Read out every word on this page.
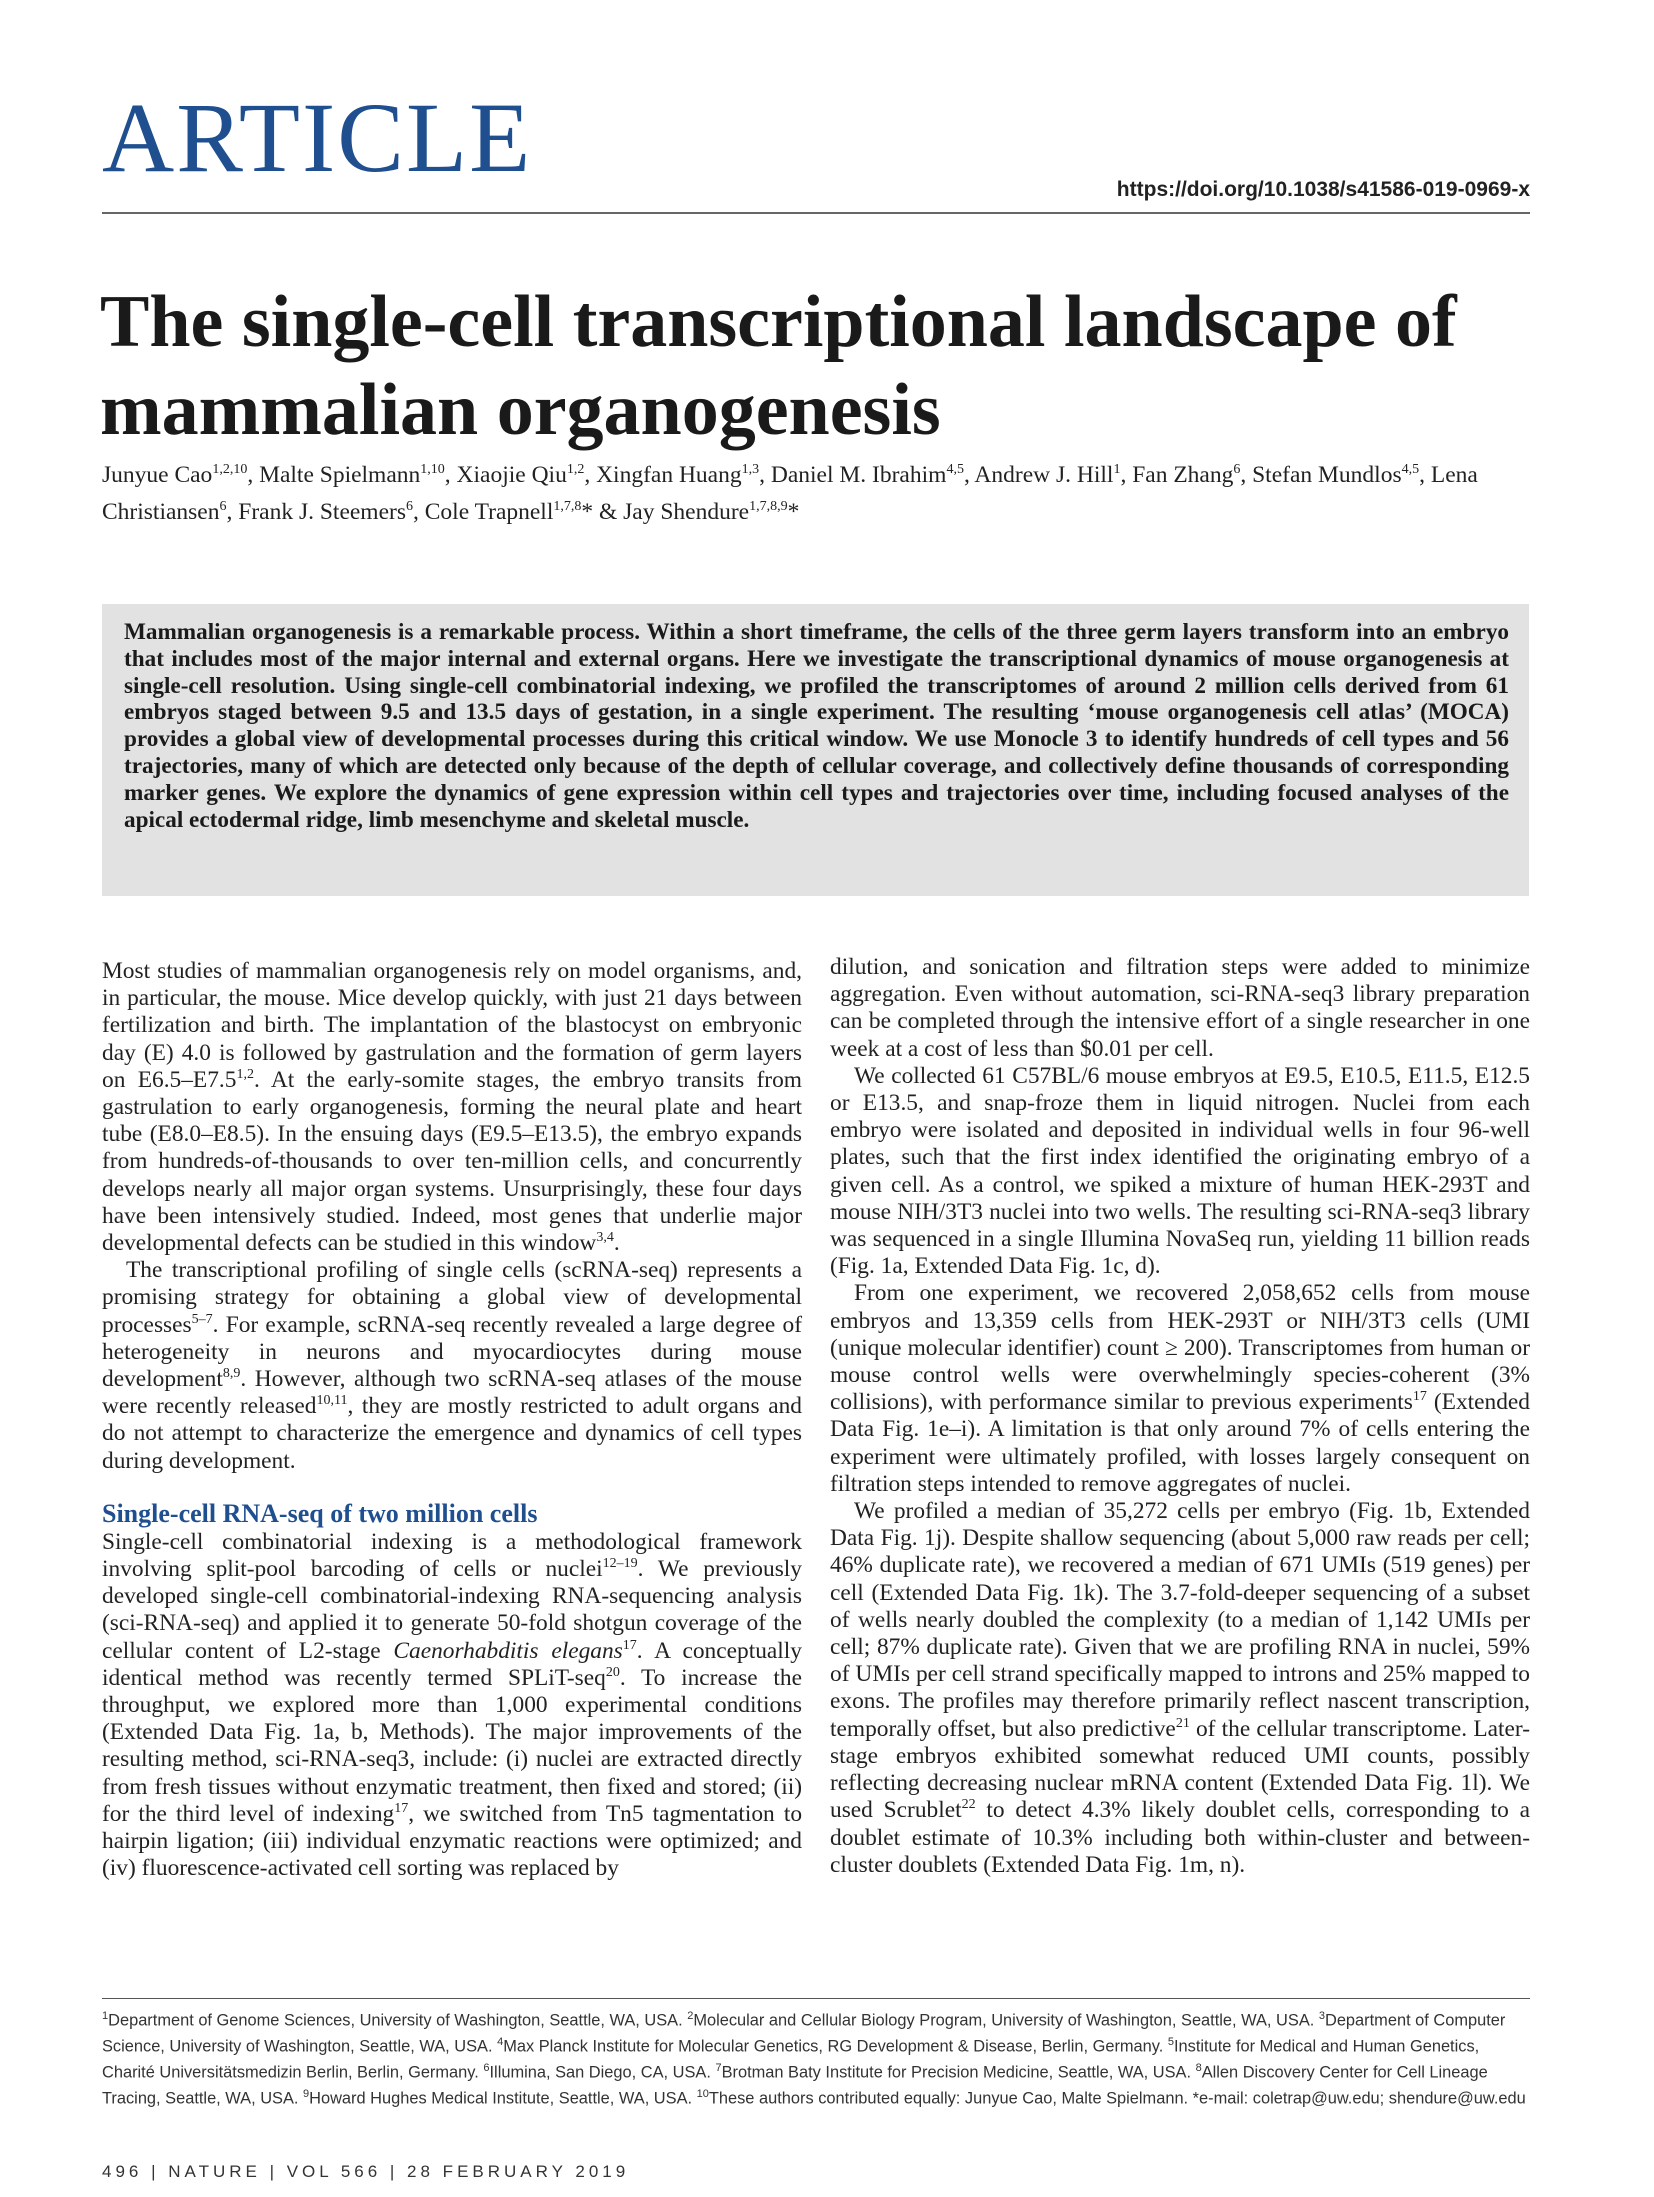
ARTICLE	https://doi.org/10.1038/s41586-019-0969-x
The single-cell transcriptional landscape of mammalian organogenesis
Junyue Cao$^{1,2,10}$, Malte Spielmann$^{1,10}$, Xiaojie Qiu$^{1,2}$, Xingfan Huang$^{1,3}$, Daniel M. Ibrahim$^{4,5}$, Andrew J. Hill$^1$, Fan Zhang$^6$, Stefan Mundlos$^{4,5}$, Lena Christiansen$^6$, Frank J. Steemers$^6$, Cole Trapnell$^{1,7,8}$* & Jay Shendure$^{1,7,8,9}$*

Mammalian organogenesis is a remarkable process. Within a short timeframe, the cells of the three germ layers transform into an embryo that includes most of the major internal and external organs. Here we investigate the transcriptional dynamics of mouse organogenesis at single-cell resolution. Using single-cell combinatorial indexing, we profiled the transcriptomes of around 2 million cells derived from 61 embryos staged between 9.5 and 13.5 days of gestation, in a single experiment. The resulting ‘mouse organogenesis cell atlas’ (MOCA) provides a global view of developmental processes during this critical window. We use Monocle 3 to identify hundreds of cell types and 56 trajectories, many of which are detected only because of the depth of cellular coverage, and collectively define thousands of corresponding marker genes. We explore the dynamics of gene expression within cell types and trajectories over time, including focused analyses of the apical ectodermal ridge, limb mesenchyme and skeletal muscle.

Most studies of mammalian organogenesis rely on model organisms, and, in particular, the mouse. Mice develop quickly, with just 21 days between fertilization and birth. The implantation of the blastocyst on embryonic day (E) 4.0 is followed by gastrulation and the formation of germ layers on E6.5–E7.5$^{1,2}$. At the early-somite stages, the embryo transits from gastrulation to early organogenesis, forming the neural plate and heart tube (E8.0–E8.5). In the ensuing days (E9.5–E13.5), the embryo expands from hundreds-of-thousands to over ten-million cells, and concurrently develops nearly all major organ systems. Unsurprisingly, these four days have been intensively studied. Indeed, most genes that underlie major developmental defects can be studied in this window$^{3,4}$.

The transcriptional profiling of single cells (scRNA-seq) represents a promising strategy for obtaining a global view of developmental processes$^{5-7}$. For example, scRNA-seq recently revealed a large degree of heterogeneity in neurons and myocardiocytes during mouse development$^{8,9}$. However, although two scRNA-seq atlases of the mouse were recently released$^{10,11}$, they are mostly restricted to adult organs and do not attempt to characterize the emergence and dynamics of cell types during development.

Single-cell RNA-seq of two million cells

Single-cell combinatorial indexing is a methodological framework involving split-pool barcoding of cells or nuclei$^{12-19}$. We previously developed single-cell combinatorial-indexing RNA-sequencing analysis (sci-RNA-seq) and applied it to generate 50-fold shotgun coverage of the cellular content of L2-stage Caenorhabditis elegans$^{17}$. A conceptually identical method was recently termed SPLiT-seq$^{20}$. To increase the throughput, we explored more than 1,000 experimental conditions (Extended Data Fig. 1a, b, Methods). The major improvements of the resulting method, sci-RNA-seq3, include: (i) nuclei are extracted directly from fresh tissues without enzymatic treatment, then fixed and stored; (ii) for the third level of indexing$^{17}$, we switched from Tn5 tagmentation to hairpin ligation; (iii) individual enzymatic reactions were optimized; and (iv) fluorescence-activated cell sorting was replaced by

dilution, and sonication and filtration steps were added to minimize aggregation. Even without automation, sci-RNA-seq3 library preparation can be completed through the intensive effort of a single researcher in one week at a cost of less than $0.01 per cell.

We collected 61 C57BL/6 mouse embryos at E9.5, E10.5, E11.5, E12.5 or E13.5, and snap-froze them in liquid nitrogen. Nuclei from each embryo were isolated and deposited in individual wells in four 96-well plates, such that the first index identified the originating embryo of a given cell. As a control, we spiked a mixture of human HEK-293T and mouse NIH/3T3 nuclei into two wells. The resulting sci-RNA-seq3 library was sequenced in a single Illumina NovaSeq run, yielding 11 billion reads (Fig. 1a, Extended Data Fig. 1c, d).

From one experiment, we recovered 2,058,652 cells from mouse embryos and 13,359 cells from HEK-293T or NIH/3T3 cells (UMI (unique molecular identifier) count ≥ 200). Transcriptomes from human or mouse control wells were overwhelmingly species-coherent (3% collisions), with performance similar to previous experiments$^{17}$ (Extended Data Fig. 1e–i). A limitation is that only around 7% of cells entering the experiment were ultimately profiled, with losses largely consequent on filtration steps intended to remove aggregates of nuclei.

We profiled a median of 35,272 cells per embryo (Fig. 1b, Extended Data Fig. 1j). Despite shallow sequencing (about 5,000 raw reads per cell; 46% duplicate rate), we recovered a median of 671 UMIs (519 genes) per cell (Extended Data Fig. 1k). The 3.7-fold-deeper sequencing of a subset of wells nearly doubled the complexity (to a median of 1,142 UMIs per cell; 87% duplicate rate). Given that we are profiling RNA in nuclei, 59% of UMIs per cell strand specifically mapped to introns and 25% mapped to exons. The profiles may therefore primarily reflect nascent transcription, temporally offset, but also predictive$^{21}$ of the cellular transcriptome. Later-stage embryos exhibited somewhat reduced UMI counts, possibly reflecting decreasing nuclear mRNA content (Extended Data Fig. 1l). We used Scrublet$^{22}$ to detect 4.3% likely doublet cells, corresponding to a doublet estimate of 10.3% including both within-cluster and between-cluster doublets (Extended Data Fig. 1m, n).

$^1$Department of Genome Sciences, University of Washington, Seattle, WA, USA. $^2$Molecular and Cellular Biology Program, University of Washington, Seattle, WA, USA. $^3$Department of Computer Science, University of Washington, Seattle, WA, USA. $^4$Max Planck Institute for Molecular Genetics, RG Development & Disease, Berlin, Germany. $^5$Institute for Medical and Human Genetics, Charité Universitätsmedizin Berlin, Berlin, Germany. $^6$Illumina, San Diego, CA, USA. $^7$Brotman Baty Institute for Precision Medicine, Seattle, WA, USA. $^8$Allen Discovery Center for Cell Lineage Tracing, Seattle, WA, USA. $^9$Howard Hughes Medical Institute, Seattle, WA, USA. $^{10}$These authors contributed equally: Junyue Cao, Malte Spielmann. *e-mail: coletrap@uw.edu; shendure@uw.edu
496 | NATURE | VOL 566 | 28 FEBRUARY 2019
